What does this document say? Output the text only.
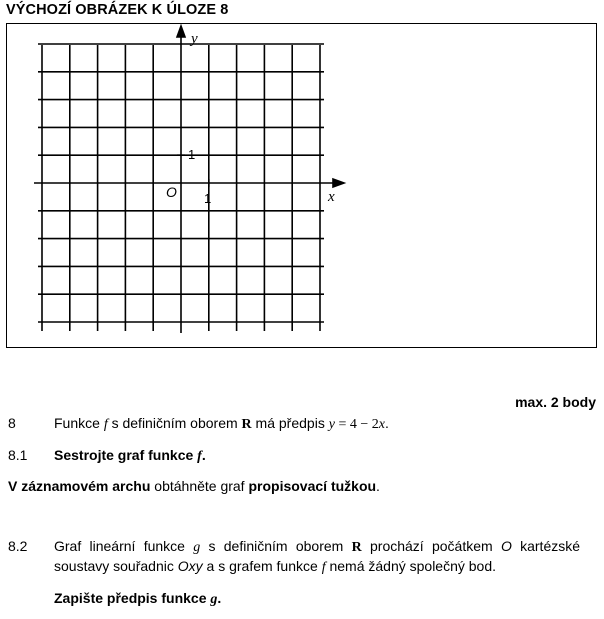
VÝCHOZÍ OBRÁZEK K ÚLOZE 8
y
x
O 1
1
max. 2 body
8	Funkce f s definičním oborem R má předpis y = 4 − 2x.
8.1 Sestrojte graf funkce f.
V záznamovém archu obtáhněte graf propisovací tužkou.
8.2 Graf lineární funkce g s definičním oborem R prochází počátkem O kartézské
soustavy souřadnic Oxy a s grafem funkce f nemá žádný společný bod.
Zapište předpis funkce g.
